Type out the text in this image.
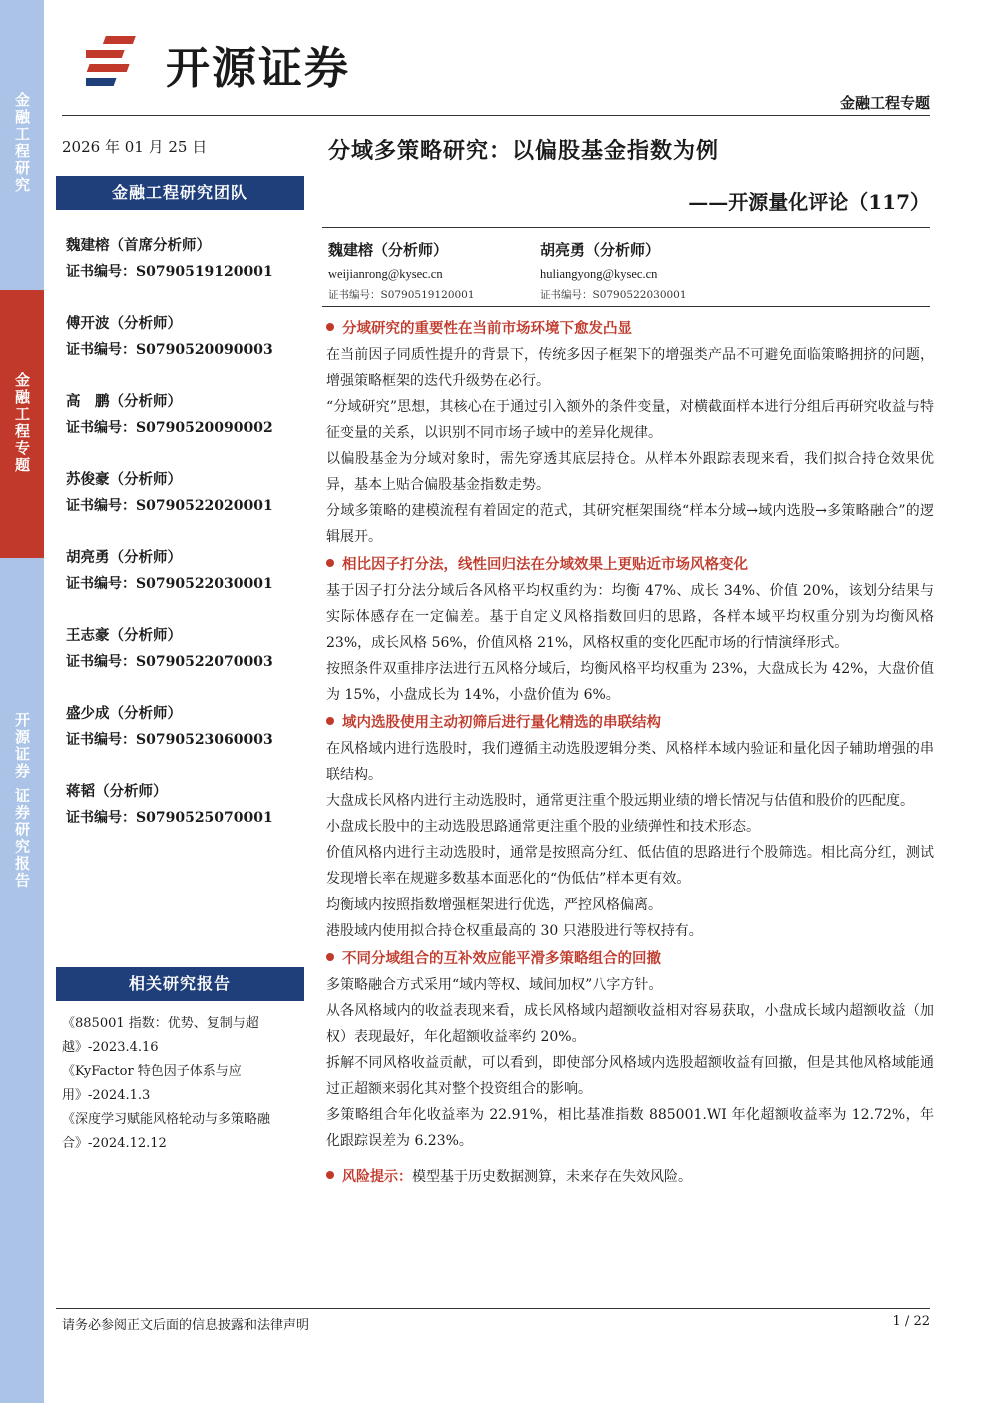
金融工程研究
金融工程专题
开源证券 证券研究报告
开源证券
金融工程专题
2026 年 01 月 25 日
金融工程研究团队
魏建榕（首席分析师）
证书编号：S0790519120001
傅开波（分析师）
证书编号：S0790520090003
高　鹏（分析师）
证书编号：S0790520090002
苏俊豪（分析师）
证书编号：S0790522020001
胡亮勇（分析师）
证书编号：S0790522030001
王志豪（分析师）
证书编号：S0790522070003
盛少成（分析师）
证书编号：S0790523060003
蒋韬（分析师）
证书编号：S0790525070001
相关研究报告
《885001 指数：优势、复制与超越》-2023.4.16
《KyFactor 特色因子体系与应用》-2024.1.3
《深度学习赋能风格轮动与多策略融合》-2024.12.12
分域多策略研究：以偏股基金指数为例
——开源量化评论（117）
魏建榕（分析师）
weijianrong@kysec.cn
证书编号：S0790519120001
胡亮勇（分析师）
huliangyong@kysec.cn
证书编号：S0790522030001
分域研究的重要性在当前市场环境下愈发凸显
在当前因子同质性提升的背景下，传统多因子框架下的增强类产品不可避免面临策略拥挤的问题，增强策略框架的迭代升级势在必行。
“分域研究”思想，其核心在于通过引入额外的条件变量，对横截面样本进行分组后再研究收益与特征变量的关系，以识别不同市场子域中的差异化规律。
以偏股基金为分域对象时，需先穿透其底层持仓。从样本外跟踪表现来看，我们拟合持仓效果优异，基本上贴合偏股基金指数走势。
分域多策略的建模流程有着固定的范式，其研究框架围绕“样本分域→域内选股→多策略融合”的逻辑展开。
相比因子打分法，线性回归法在分域效果上更贴近市场风格变化
基于因子打分法分域后各风格平均权重约为：均衡 47%、成长 34%、价值 20%，该划分结果与实际体感存在一定偏差。基于自定义风格指数回归的思路，各样本域平均权重分别为均衡风格 23%，成长风格 56%，价值风格 21%，风格权重的变化匹配市场的行情演绎形式。
按照条件双重排序法进行五风格分域后，均衡风格平均权重为 23%，大盘成长为 42%，大盘价值为 15%，小盘成长为 14%，小盘价值为 6%。
域内选股使用主动初筛后进行量化精选的串联结构
在风格域内进行选股时，我们遵循主动选股逻辑分类、风格样本域内验证和量化因子辅助增强的串联结构。
大盘成长风格内进行主动选股时，通常更注重个股远期业绩的增长情况与估值和股价的匹配度。
小盘成长股中的主动选股思路通常更注重个股的业绩弹性和技术形态。
价值风格内进行主动选股时，通常是按照高分红、低估值的思路进行个股筛选。相比高分红，测试发现增长率在规避多数基本面恶化的“伪低估”样本更有效。
均衡域内按照指数增强框架进行优选，严控风格偏离。
港股域内使用拟合持仓权重最高的 30 只港股进行等权持有。
不同分域组合的互补效应能平滑多策略组合的回撤
多策略融合方式采用“域内等权、域间加权”八字方针。
从各风格域内的收益表现来看，成长风格域内超额收益相对容易获取，小盘成长域内超额收益（加权）表现最好，年化超额收益率约 20%。
拆解不同风格收益贡献，可以看到，即使部分风格域内选股超额收益有回撤，但是其他风格域能通过正超额来弱化其对整个投资组合的影响。
多策略组合年化收益率为 22.91%，相比基准指数 885001.WI 年化超额收益率为 12.72%，年化跟踪误差为 6.23%。
风险提示：模型基于历史数据测算，未来存在失效风险。
请务必参阅正文后面的信息披露和法律声明	1 / 22
